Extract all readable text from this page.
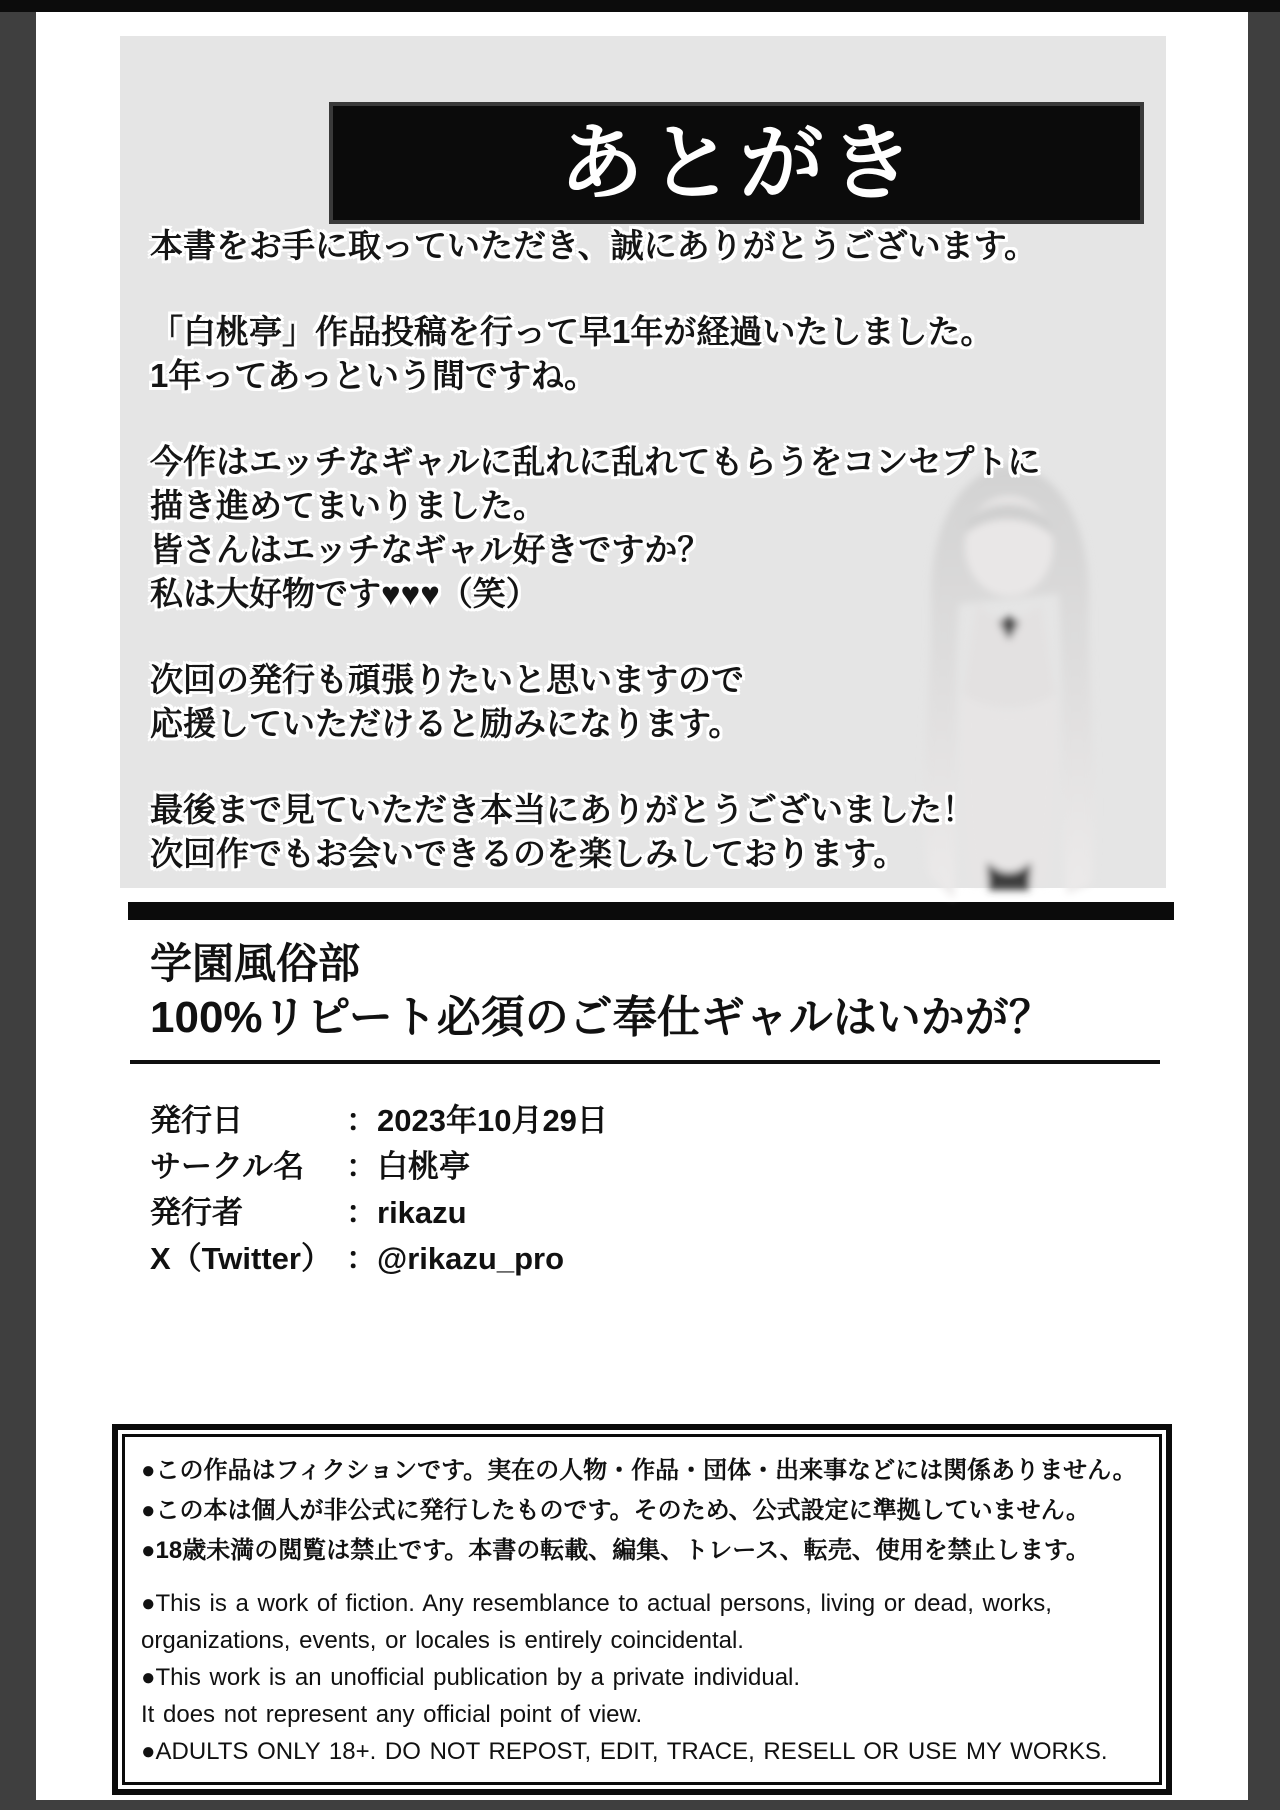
あとがき

本書をお手に取っていただき、誠にありがとうございます。

「白桃亭」作品投稿を行って早1年が経過いたしました。
1年ってあっという間ですね。

今作はエッチなギャルに乱れに乱れてもらうをコンセプトに
描き進めてまいりました。
皆さんはエッチなギャル好きですか？
私は大好物です♥♥♥（笑）

次回の発行も頑張りたいと思いますので
応援していただけると励みになります。

最後まで見ていただき本当にありがとうございました！
次回作でもお会いできるのを楽しみしております。

学園風俗部
100%リピート必須のご奉仕ギャルはいかが？
発行日	：2023年10月29日
サークル名	：白桃亭
発行者	：rikazu
X（Twitter） ：@rikazu_pro
●この作品はフィクションです。実在の人物・作品・団体・出来事などには関係ありません。
●この本は個人が非公式に発行したものです。そのため、公式設定に準拠していません。
●18歳未満の閲覧は禁止です。本書の転載、編集、トレース、転売、使用を禁止します。
●This is a work of fiction. Any resemblance to actual persons, living or dead, works,
organizations, events, or locales is entirely coincidental.
●This work is an unofficial publication by a private individual.
It does not represent any official point of view.
●ADULTS ONLY 18+. DO NOT REPOST, EDIT, TRACE, RESELL OR USE MY WORKS.
